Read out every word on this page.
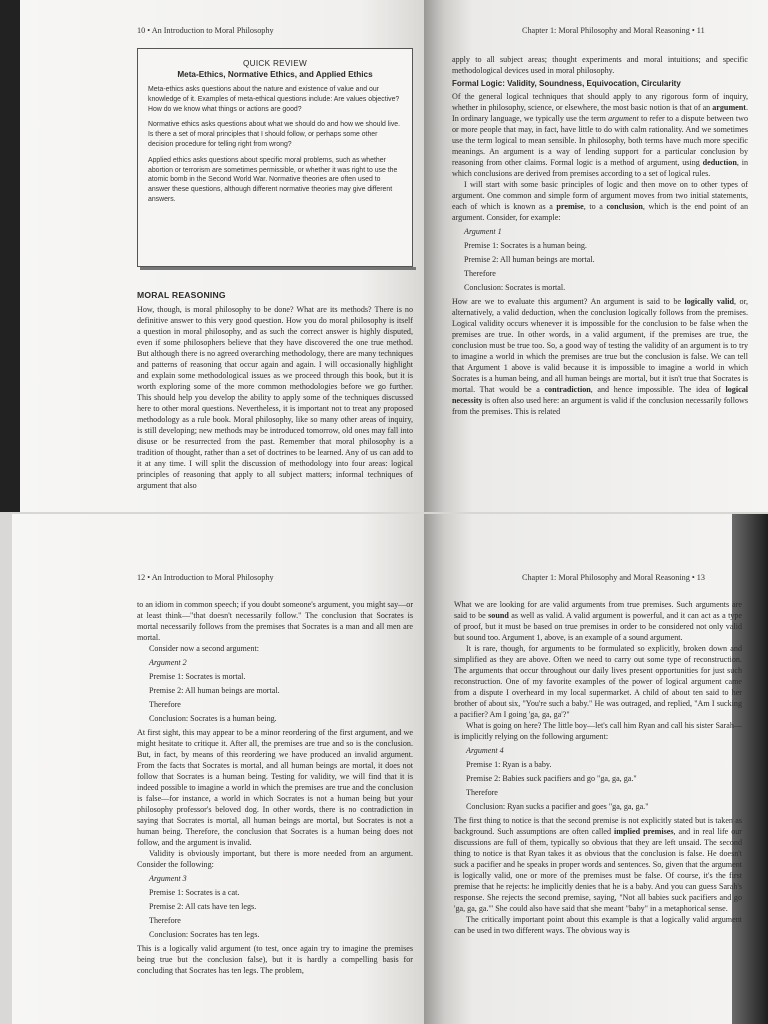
10 • An Introduction to Moral Philosophy
QUICK REVIEW
Meta-Ethics, Normative Ethics, and Applied Ethics

Meta-ethics asks questions about the nature and existence of value and our knowledge of it. Examples of meta-ethical questions include: Are values objective? How do we know what things or actions are good?

Normative ethics asks questions about what we should do and how we should live. Is there a set of moral principles that I should follow, or perhaps some other decision procedure for telling right from wrong?

Applied ethics asks questions about specific moral problems, such as whether abortion or terrorism are sometimes permissible, or whether it was right to use the atomic bomb in the Second World War. Normative theories are often used to answer these questions, although different normative theories may give different answers.

MORAL REASONING

How, though, is moral philosophy to be done? What are its methods? There is no definitive answer to this very good question. How you do moral philosophy is itself a question in moral philosophy, and as such the correct answer is highly disputed, even if some philosophers believe that they have discovered the one true method. But although there is no agreed overarching methodology, there are many techniques and patterns of reasoning that occur again and again. I will occasionally highlight and explain some methodological issues as we proceed through this book, but it is worth exploring some of the more common methodologies before we go further. This should help you develop the ability to apply some of the techniques discussed here to other moral questions. Nevertheless, it is important not to treat any proposed methodology as a rule book. Moral philosophy, like so many other areas of inquiry, is still developing; new methods may be introduced tomorrow, old ones may fall into disuse or be resurrected from the past. Remember that moral philosophy is a tradition of thought, rather than a set of doctrines to be learned. Any of us can add to it at any time. I will split the discussion of methodology into four areas: logical principles of reasoning that apply to all subject matters; informal techniques of argument that also

Chapter 1: Moral Philosophy and Moral Reasoning • 11

apply to all subject areas; thought experiments and moral intuitions; and specific methodological devices used in moral philosophy.

Formal Logic: Validity, Soundness, Equivocation, Circularity

Of the general logical techniques that should apply to any rigorous form of inquiry, whether in philosophy, science, or elsewhere, the most basic notion is that of an argument. In ordinary language, we typically use the term argument to refer to a dispute between two or more people that may, in fact, have little to do with calm rationality. And we sometimes use the term logical to mean sensible. In philosophy, both terms have much more specific meanings. An argument is a way of lending support for a particular conclusion by reasoning from other claims. Formal logic is a method of argument, using deduction, in which conclusions are derived from premises according to a set of logical rules.

I will start with some basic principles of logic and then move on to other types of argument. One common and simple form of argument moves from two initial statements, each of which is known as a premise, to a conclusion, which is the end point of an argument. Consider, for example:

Argument 1

Premise 1: Socrates is a human being.

Premise 2: All human beings are mortal.

Therefore

Conclusion: Socrates is mortal.

How are we to evaluate this argument? An argument is said to be logically valid, or, alternatively, a valid deduction, when the conclusion logically follows from the premises. Logical validity occurs whenever it is impossible for the conclusion to be false when the premises are true. In other words, in a valid argument, if the premises are true, the conclusion must be true too. So, a good way of testing the validity of an argument is to try to imagine a world in which the premises are true but the conclusion is false. We can tell that Argument 1 above is valid because it is impossible to imagine a world in which Socrates is a human being, and all human beings are mortal, but it isn't true that Socrates is mortal. That would be a contradiction, and hence impossible. The idea of logical necessity is often also used here: an argument is valid if the conclusion necessarily follows from the premises. This is related

12 • An Introduction to Moral Philosophy

to an idiom in common speech; if you doubt someone's argument, you might say—or at least think—"that doesn't necessarily follow." The conclusion that Socrates is mortal necessarily follows from the premises that Socrates is a man and all men are mortal.

Consider now a second argument:

Argument 2

Premise 1: Socrates is mortal.

Premise 2: All human beings are mortal.

Therefore

Conclusion: Socrates is a human being.

At first sight, this may appear to be a minor reordering of the first argument, and we might hesitate to critique it. After all, the premises are true and so is the conclusion. But, in fact, by means of this reordering we have produced an invalid argument. From the facts that Socrates is mortal, and all human beings are mortal, it does not follow that Socrates is a human being. Testing for validity, we will find that it is indeed possible to imagine a world in which the premises are true and the conclusion is false—for instance, a world in which Socrates is not a human being but your philosophy professor's beloved dog. In other words, there is no contradiction in saying that Socrates is mortal, all human beings are mortal, but Socrates is not a human being. Therefore, the conclusion that Socrates is a human being does not follow, and the argument is invalid.

Validity is obviously important, but there is more needed from an argument. Consider the following:

Argument 3

Premise 1: Socrates is a cat.

Premise 2: All cats have ten legs.

Therefore

Conclusion: Socrates has ten legs.

This is a logically valid argument (to test, once again try to imagine the premises being true but the conclusion false), but it is hardly a compelling basis for concluding that Socrates has ten legs. The problem,

Chapter 1: Moral Philosophy and Moral Reasoning • 13

What we are looking for are valid arguments from true premises. Such arguments are said to be sound as well as valid. A valid argument is powerful, and it can act as a type of proof, but it must be based on true premises in order to be considered not only valid but sound too. Argument 1, above, is an example of a sound argument.

It is rare, though, for arguments to be formulated so explicitly, broken down and simplified as they are above. Often we need to carry out some type of reconstruction. The arguments that occur throughout our daily lives present opportunities for just such reconstruction. One of my favorite examples of the power of logical argument came from a dispute I overheard in my local supermarket. A child of about ten said to her brother of about six, "You're such a baby." He was outraged, and replied, "Am I sucking a pacifier? Am I going 'ga, ga, ga'?"

What is going on here? The little boy—let's call him Ryan and call his sister Sarah—is implicitly relying on the following argument:

Argument 4

Premise 1: Ryan is a baby.

Premise 2: Babies suck pacifiers and go "ga, ga, ga."

Therefore

Conclusion: Ryan sucks a pacifier and goes "ga, ga, ga."

The first thing to notice is that the second premise is not explicitly stated but is taken as background. Such assumptions are often called implied premises, and in real life our discussions are full of them, typically so obvious that they are left unsaid. The second thing to notice is that Ryan takes it as obvious that the conclusion is false. He doesn't suck a pacifier and he speaks in proper words and sentences. So, given that the argument is logically valid, one or more of the premises must be false. Of course, it's the first premise that he rejects: he implicitly denies that he is a baby. And you can guess Sarah's response. She rejects the second premise, saying, "Not all babies suck pacifiers and go 'ga, ga, ga.'" She could also have said that she meant "baby" in a metaphorical sense.

The critically important point about this example is that a logically valid argument can be used in two different ways. The obvious way is
